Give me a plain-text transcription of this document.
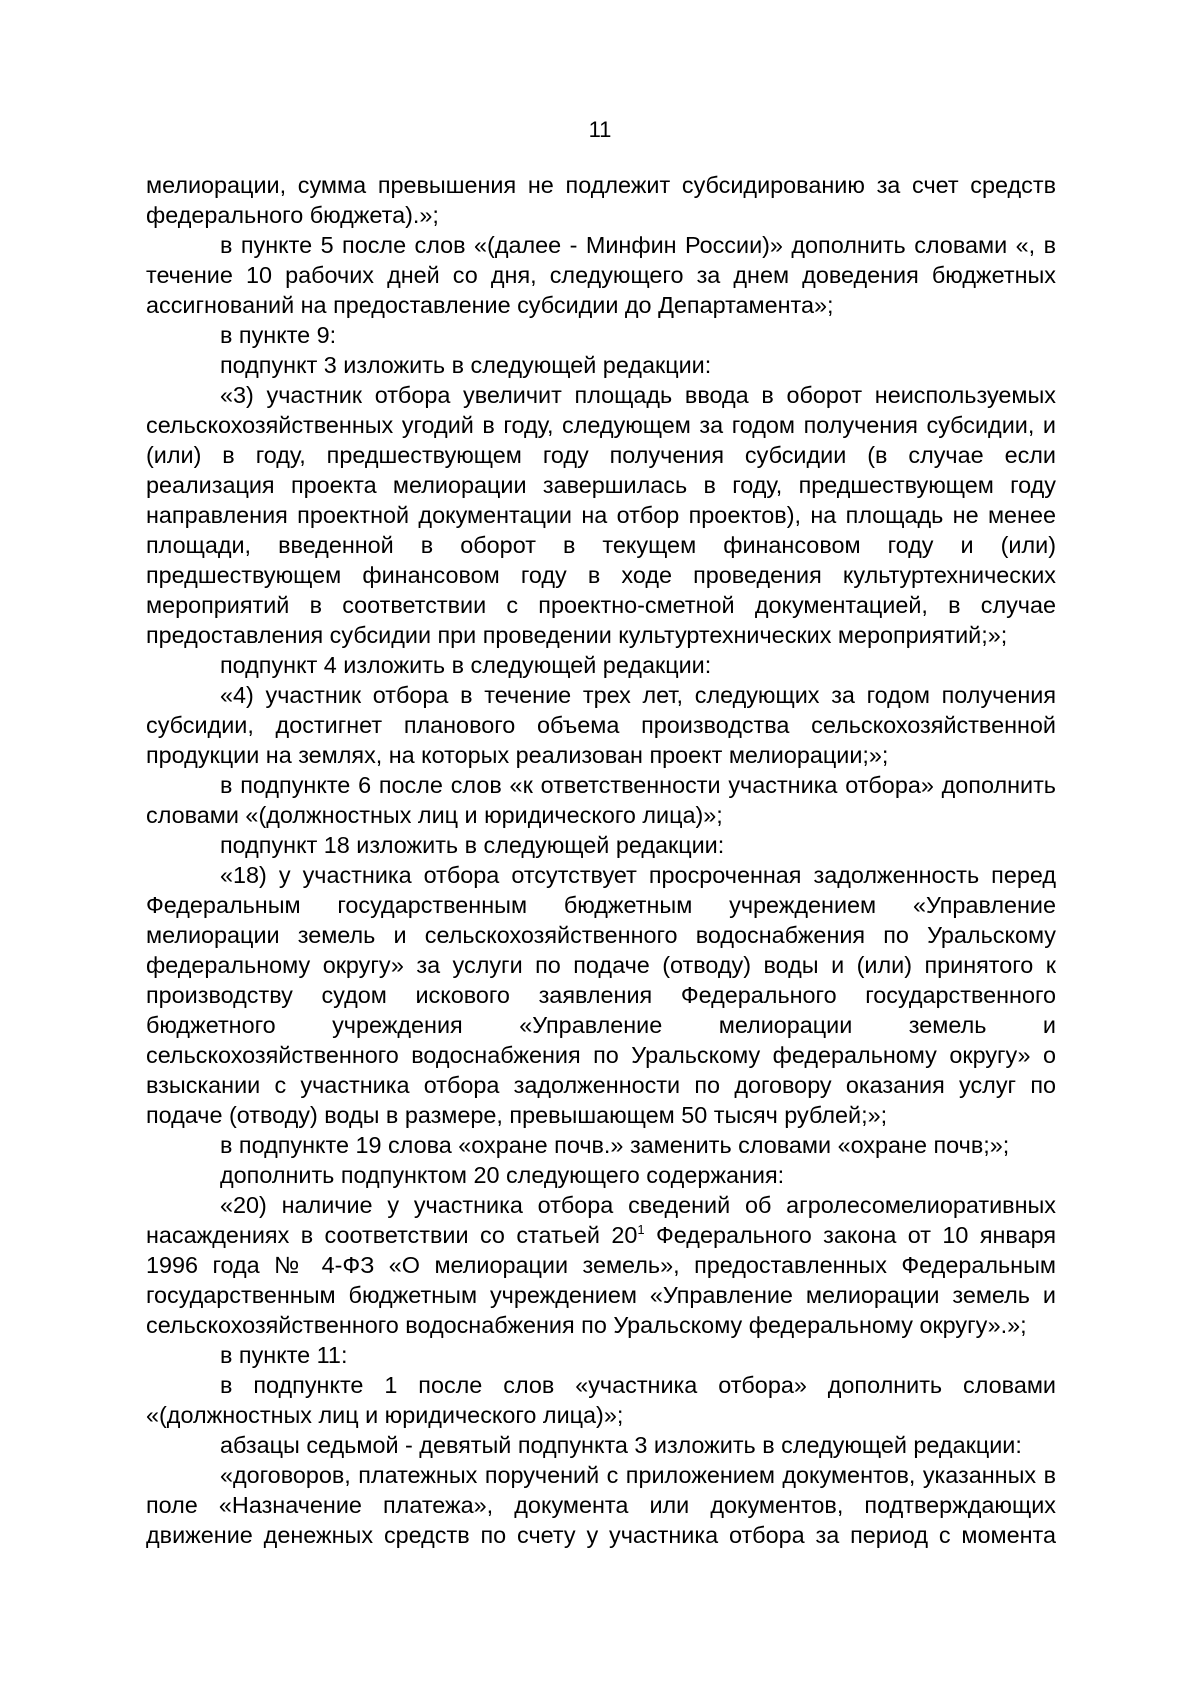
11

мелиорации, сумма превышения не подлежит субсидированию за счет средств федерального бюджета).»;

в пункте 5 после слов «(далее - Минфин России)» дополнить словами «, в течение 10 рабочих дней со дня, следующего за днем доведения бюджетных ассигнований на предоставление субсидии до Департамента»;

в пункте 9:

подпункт 3 изложить в следующей редакции:

«3) участник отбора увеличит площадь ввода в оборот неиспользуемых сельскохозяйственных угодий в году, следующем за годом получения субсидии, и (или) в году, предшествующем году получения субсидии (в случае если реализация проекта мелиорации завершилась в году, предшествующем году направления проектной документации на отбор проектов), на площадь не менее площади, введенной в оборот в текущем финансовом году и (или) предшествующем финансовом году в ходе проведения культуртехнических мероприятий в соответствии с проектно-сметной документацией, в случае предоставления субсидии при проведении культуртехнических мероприятий;»;

подпункт 4 изложить в следующей редакции:

«4) участник отбора в течение трех лет, следующих за годом получения субсидии, достигнет планового объема производства сельскохозяйственной продукции на землях, на которых реализован проект мелиорации;»;

в подпункте 6 после слов «к ответственности участника отбора» дополнить словами «(должностных лиц и юридического лица)»;

подпункт 18 изложить в следующей редакции:

«18) у участника отбора отсутствует просроченная задолженность перед Федеральным государственным бюджетным учреждением «Управление мелиорации земель и сельскохозяйственного водоснабжения по Уральскому федеральному округу» за услуги по подаче (отводу) воды и (или) принятого к производству судом искового заявления Федерального государственного бюджетного учреждения «Управление мелиорации земель и сельскохозяйственного водоснабжения по Уральскому федеральному округу» о взыскании с участника отбора задолженности по договору оказания услуг по подаче (отводу) воды в размере, превышающем 50 тысяч рублей;»;

в подпункте 19 слова «охране почв.» заменить словами «охране почв;»;

дополнить подпунктом 20 следующего содержания:

«20) наличие у участника отбора сведений об агролесомелиоративных насаждениях в соответствии со статьей $20^1$ Федерального закона от 10 января 1996 года № 4-ФЗ «О мелиорации земель», предоставленных Федеральным государственным бюджетным учреждением «Управление мелиорации земель и сельскохозяйственного водоснабжения по Уральскому федеральному округу».»;

в пункте 11:

в подпункте 1 после слов «участника отбора» дополнить словами «(должностных лиц и юридического лица)»;

абзацы седьмой - девятый подпункта 3 изложить в следующей редакции:

«договоров, платежных поручений с приложением документов, указанных в поле «Назначение платежа», документа или документов, подтверждающих движение денежных средств по счету у участника отбора за период с момента
